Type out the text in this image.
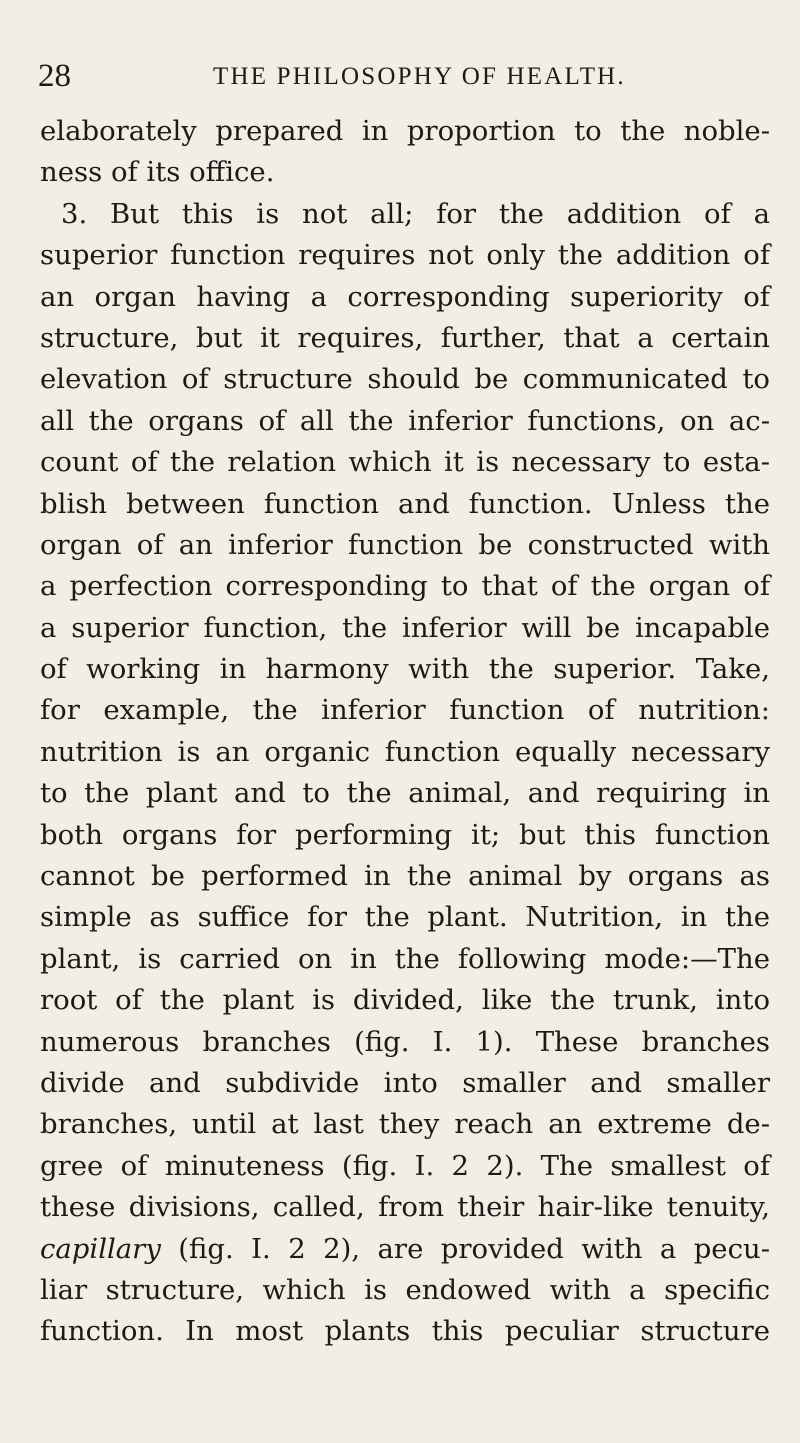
28	THE PHILOSOPHY OF HEALTH.
elaborately prepared in proportion to the noble-
ness of its office.
3. But this is not all; for the addition of a
superior function requires not only the addition of
an organ having a corresponding superiority of
structure, but it requires, further, that a certain
elevation of structure should be communicated to
all the organs of all the inferior functions, on ac-
count of the relation which it is necessary to esta-
blish between function and function. Unless the
organ of an inferior function be constructed with
a perfection corresponding to that of the organ of
a superior function, the inferior will be incapable
of working in harmony with the superior. Take,
for example, the inferior function of nutrition:
nutrition is an organic function equally necessary
to the plant and to the animal, and requiring in
both organs for performing it; but this function
cannot be performed in the animal by organs as
simple as suffice for the plant. Nutrition, in the
plant, is carried on in the following mode:—The
root of the plant is divided, like the trunk, into
numerous branches (fig. I. 1). These branches
divide and subdivide into smaller and smaller
branches, until at last they reach an extreme de-
gree of minuteness (fig. I. 2 2). The smallest of
these divisions, called, from their hair-like tenuity,
capillary (fig. I. 2 2), are provided with a pecu-
liar structure, which is endowed with a specific
function. In most plants this peculiar structure
